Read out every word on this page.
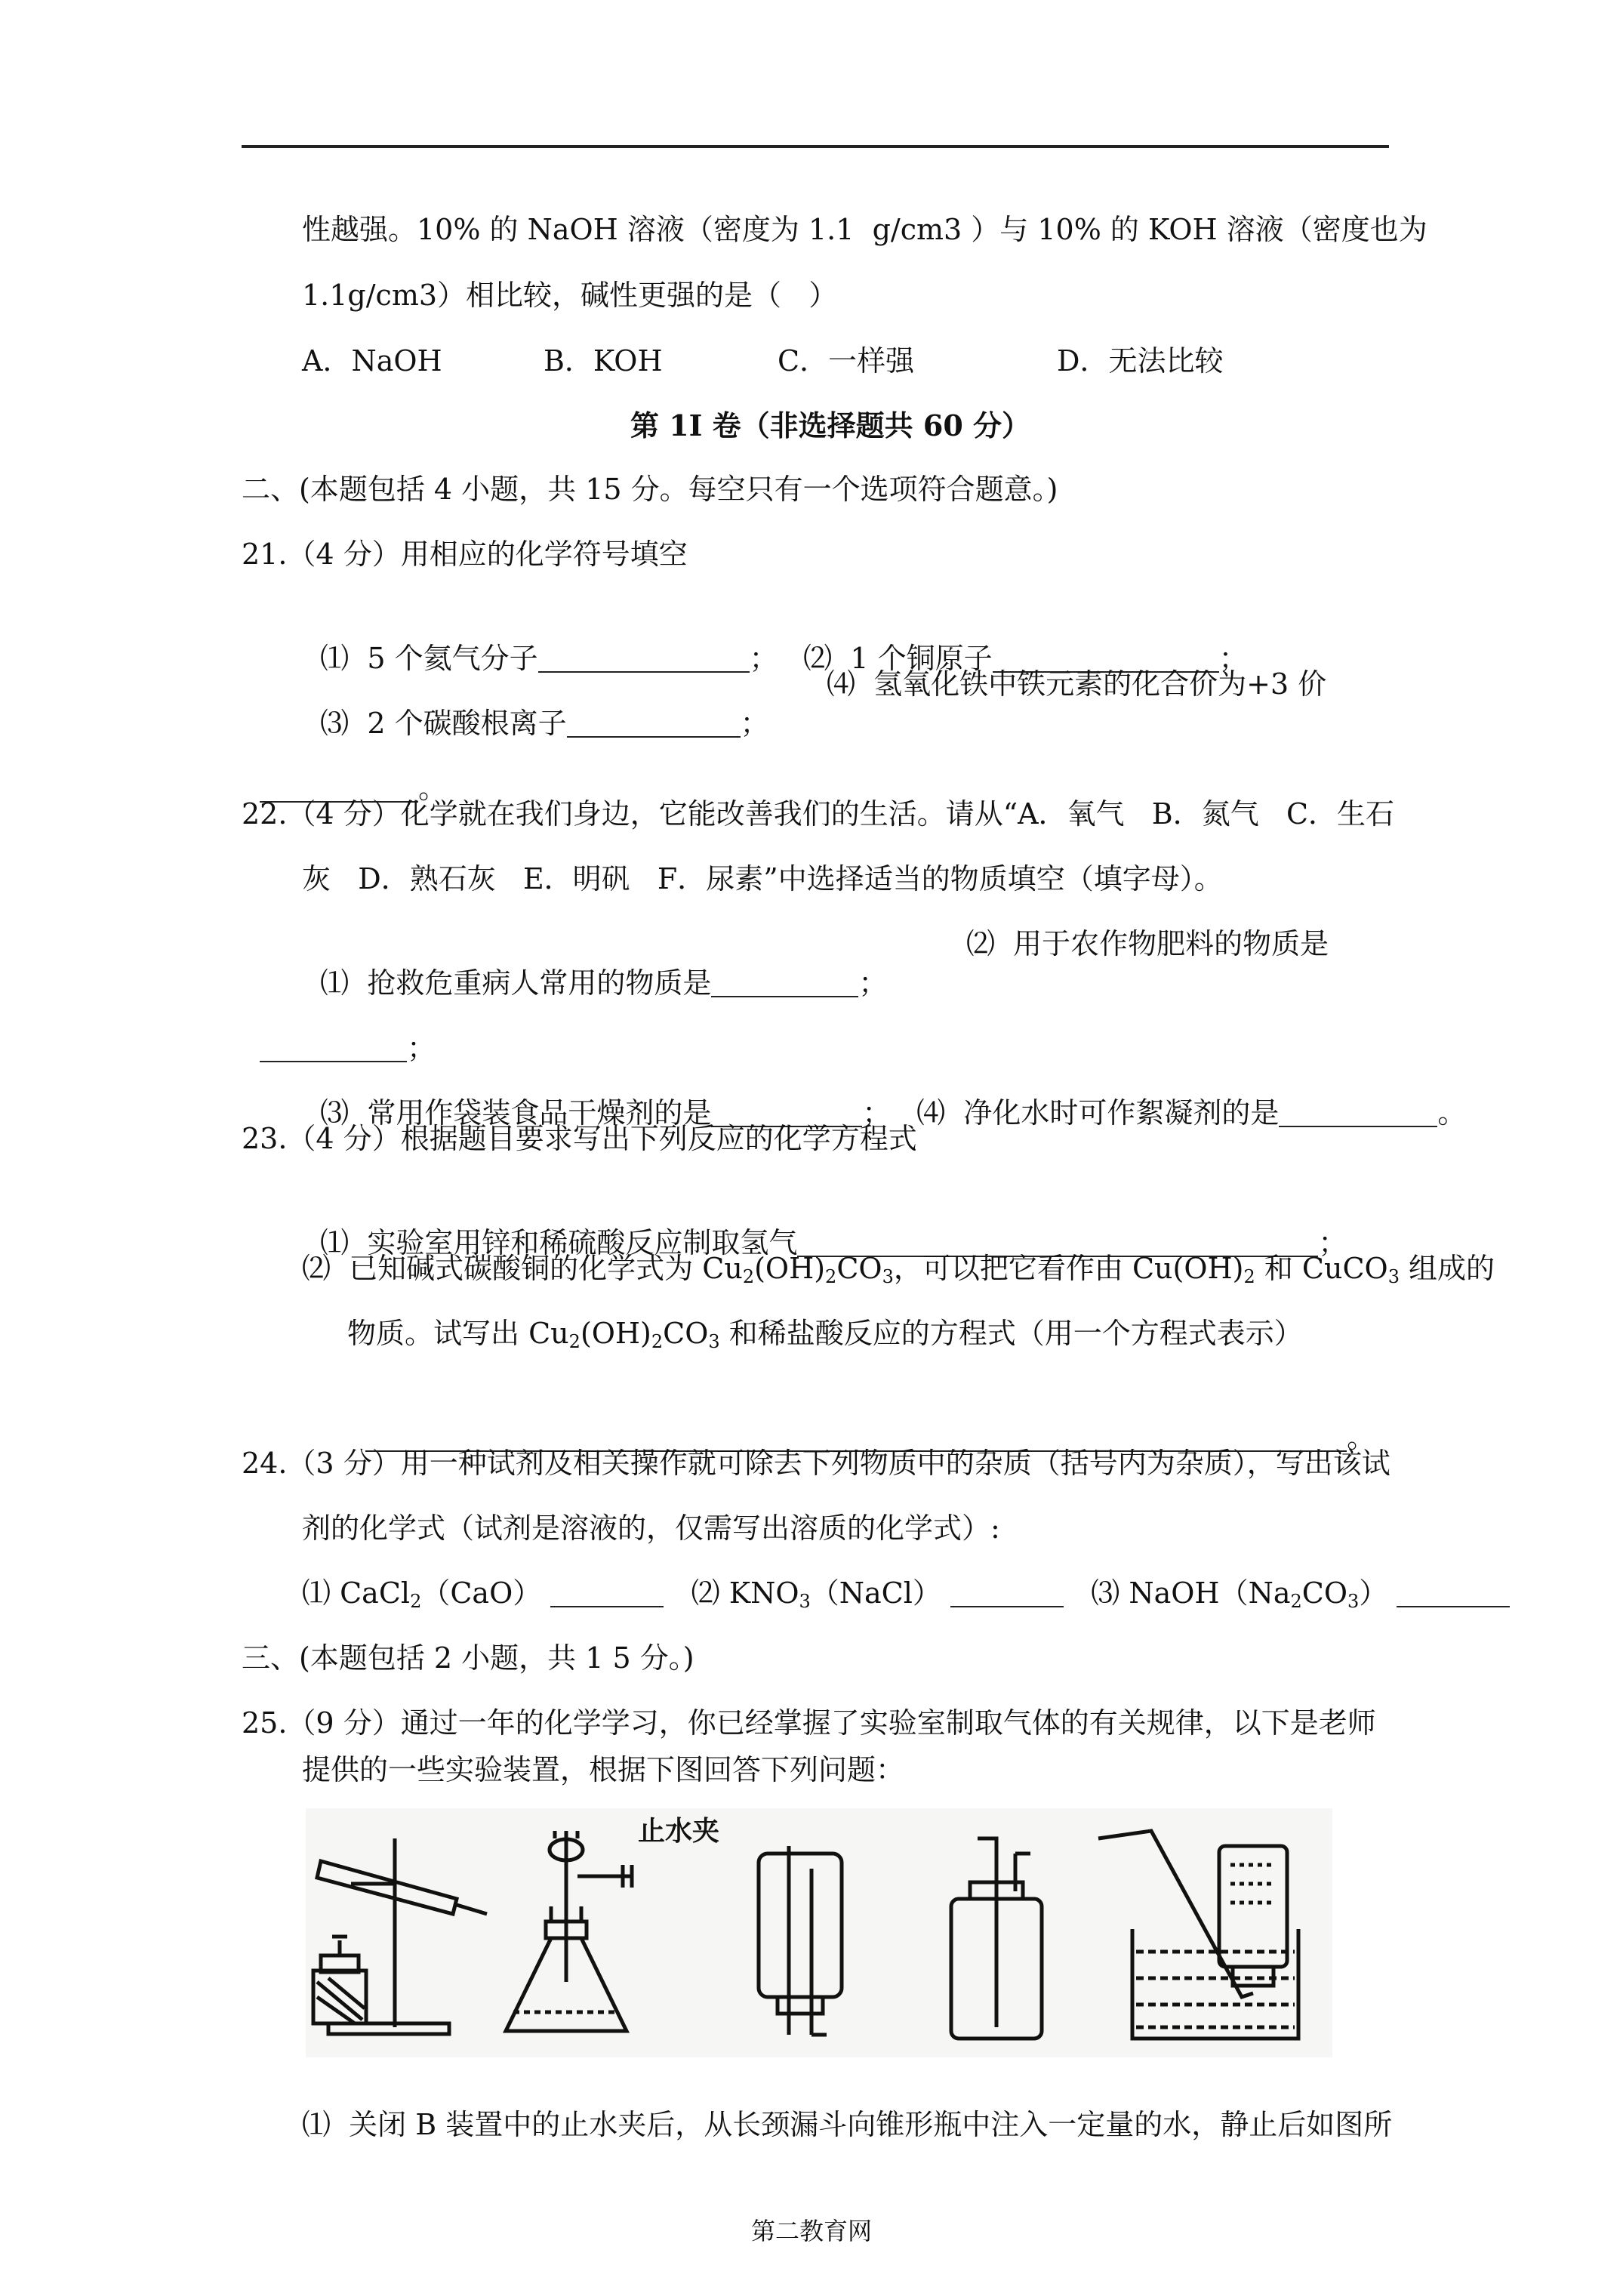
性越强。10% 的 NaOH 溶液（密度为 1.1  g/cm3 ）与 10% 的 KOH 溶液（密度也为
1.1g/cm3）相比较，碱性更强的是（   ）
A．NaOH	B．KOH	C．一样强	D．无法比较
第 1I 卷（非选择题共 60 分）
二、(本题包括 4 小题，共 15 分。每空只有一个选项符合题意。)
21.（4 分）用相应的化学符号填空

⑴  5 个氦气分子	； ⑵  1 个铜原子	；

⑶  2 个碳酸根离子	；

⑷  氢氧化铁中铁元素的化合价为+3 价

。

22.（4 分）化学就在我们身边，它能改善我们的生活。请从“A．氧气   B．氮气   C．生石
灰   D．熟石灰   E．明矾   F．尿素”中选择适当的物质填空（填字母）。

⑴  抢救危重病人常用的物质是	；

⑵  用于农作物肥料的物质是

；

⑶  常用作袋装食品干燥剂的是	； ⑷  净化水时可作絮凝剂的是	。

23.（4 分）根据题目要求写出下列反应的化学方程式

⑴  实验室用锌和稀硫酸反应制取氢气	；

⑵  已知碱式碳酸铜的化学式为 $Cu_2(OH)_2CO_3$，可以把它看作由 $Cu(OH)_2$ 和 CuCO$_3$ 组成的
物质。试写出 $Cu_2(OH)_2CO_3$ 和稀盐酸反应的方程式（用一个方程式表示）

。

24.（3 分）用一种试剂及相关操作就可除去下列物质中的杂质（括号内为杂质），写出该试
剂的化学式（试剂是溶液的，仅需写出溶质的化学式）:
⑴ CaCl$_2$（CaO）	⑵ $KNO_3(NaCl)$	⑶ $NaOH(Na_2CO_3)$
三、(本题包括 2 小题，共 1 5 分。)
25.（9 分）通过一年的化学学习，你已经掌握了实验室制取气体的有关规律，以下是老师
提供的一些实验装置，根据下图回答下列问题：
止水夹
⑴  关闭 B 装置中的止水夹后，从长颈漏斗向锥形瓶中注入一定量的水，静止后如图所
第二教育网
